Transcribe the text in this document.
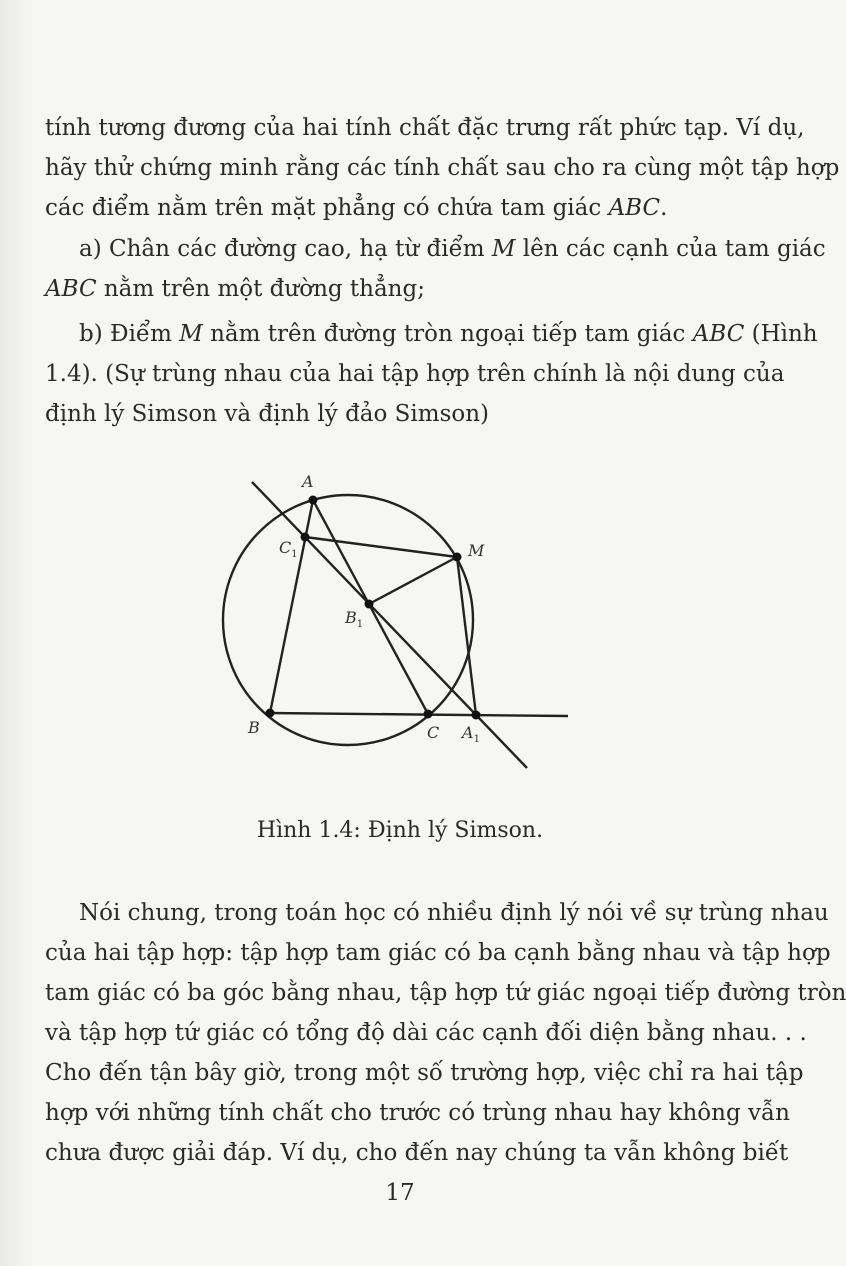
tính tương đương của hai tính chất đặc trưng rất phức tạp. Ví dụ,
hãy thử chứng minh rằng các tính chất sau cho ra cùng một tập hợp
các điểm nằm trên mặt phẳng có chứa tam giác ABC.
a) Chân các đường cao, hạ từ điểm M lên các cạnh của tam giác
ABC nằm trên một đường thẳng;
b) Điểm M nằm trên đường tròn ngoại tiếp tam giác ABC (Hình
1.4). (Sự trùng nhau của hai tập hợp trên chính là nội dung của
định lý Simson và định lý đảo Simson)
A
M
$C_1$
$B_1$
B	C $A_1$
Hình 1.4: Định lý Simson.
Nói chung, trong toán học có nhiều định lý nói về sự trùng nhau
của hai tập hợp: tập hợp tam giác có ba cạnh bằng nhau và tập hợp
tam giác có ba góc bằng nhau, tập hợp tứ giác ngoại tiếp đường tròn
và tập hợp tứ giác có tổng độ dài các cạnh đối diện bằng nhau. . .
Cho đến tận bây giờ, trong một số trường hợp, việc chỉ ra hai tập
hợp với những tính chất cho trước có trùng nhau hay không vẫn
chưa được giải đáp. Ví dụ, cho đến nay chúng ta vẫn không biết
17
